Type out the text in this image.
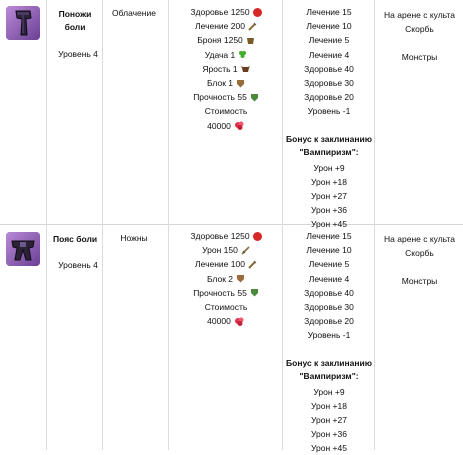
Поножи боли
Уровень 4
Облачение	Здоровье 1250
Лечение 200
Броня 1250
Удача 1
Ярость 1
Блок 1
Прочность 55
Стоимость
40000
Лечение 15
Лечение 10
Лечение 5
Лечение 4
Здоровье 40
Здоровье 30
Здоровье 20
Уровень -1
Бонус к заклинанию
"Вампиризм":
Урон +9
Урон +18
Урон +27
Урон +36
Урон +45
На арене с культа
Скорбь
Монстры
Пояс боли
Уровень 4
Ножны	Здоровье 1250
Урон 150
Лечение 100
Блок 2
Прочность 55
Стоимость
40000
Лечение 15
Лечение 10
Лечение 5
Лечение 4
Здоровье 40
Здоровье 30
Здоровье 20
Уровень -1
Бонус к заклинанию
"Вампиризм":
Урон +9
Урон +18
Урон +27
Урон +36
Урон +45
На арене с культа
Скорбь
Монстры
